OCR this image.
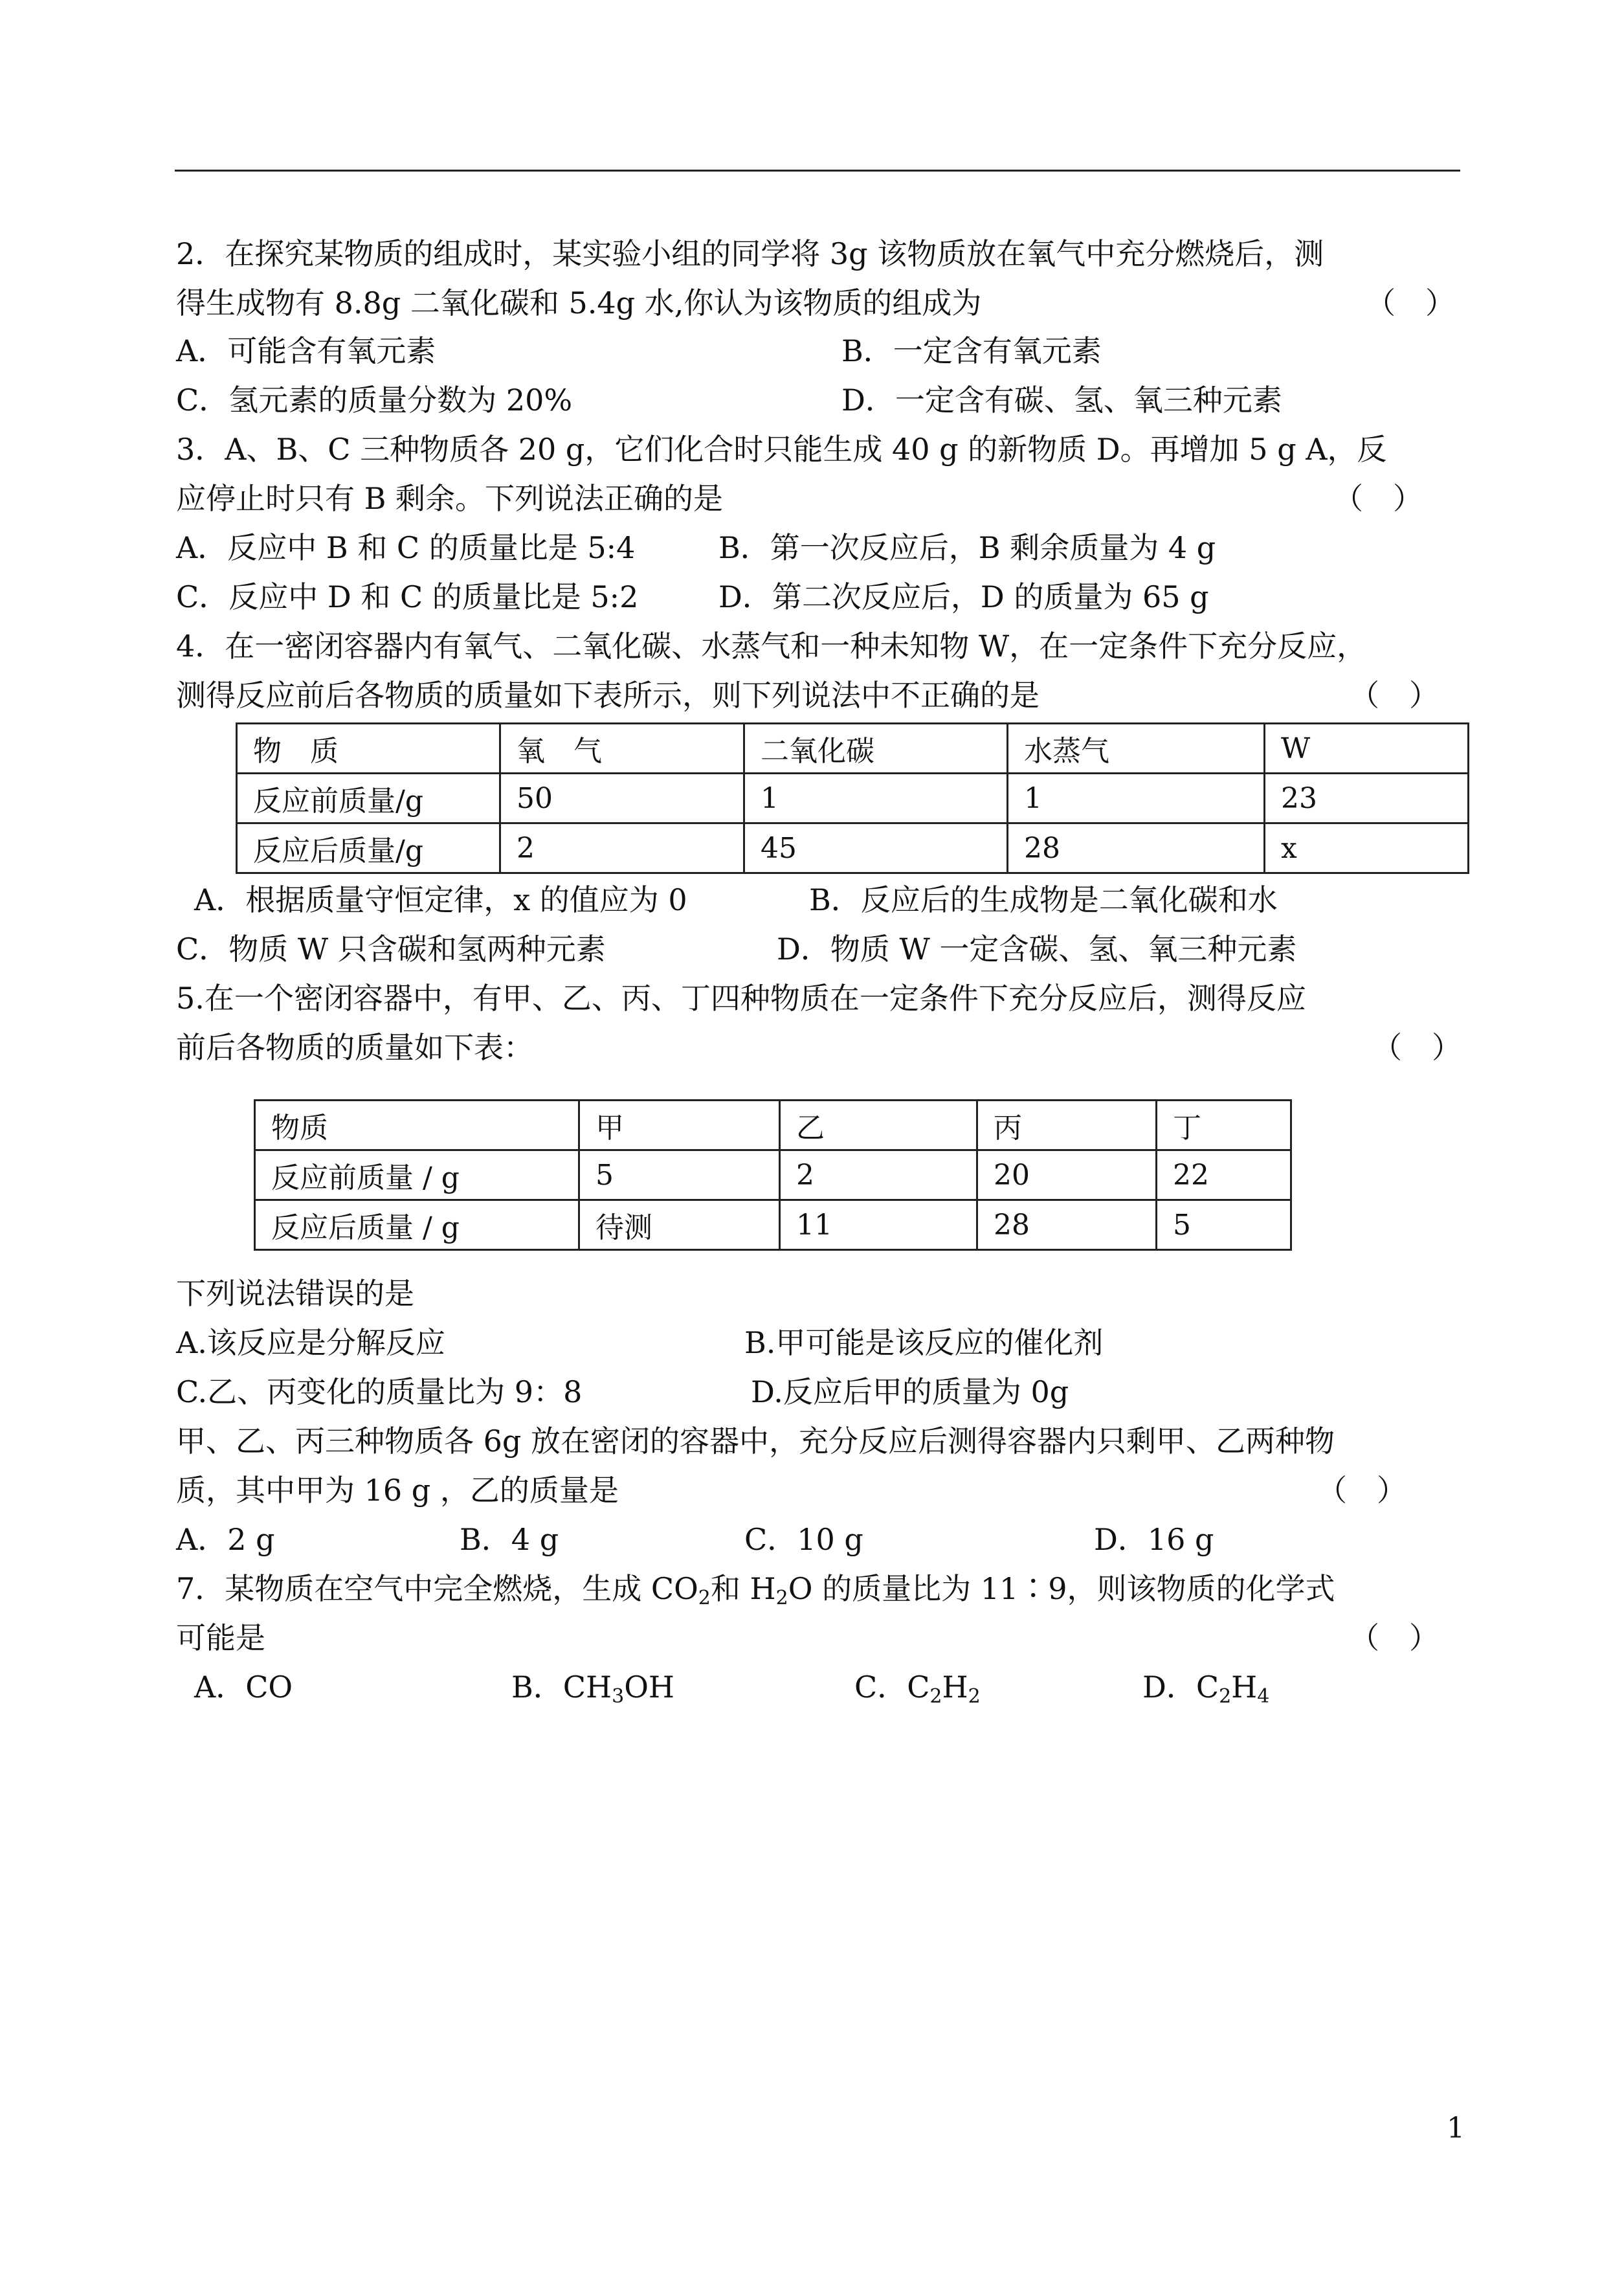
2．在探究某物质的组成时，某实验小组的同学将 3g 该物质放在氧气中充分燃烧后，测
得生成物有 8.8g 二氧化碳和 5.4g 水,你认为该物质的组成为	（　）
A．可能含有氧元素	B．一定含有氧元素
C．氢元素的质量分数为 20%	D．一定含有碳、氢、氧三种元素
3．A、B、C 三种物质各 20 g，它们化合时只能生成 40 g 的新物质 D。再增加 5 g A，反
应停止时只有 B 剩余。下列说法正确的是	（　）
A．反应中 B 和 C 的质量比是 5:4	B．第一次反应后，B 剩余质量为 4 g
C．反应中 D 和 C 的质量比是 5:2	D．第二次反应后，D 的质量为 65 g
4．在一密闭容器内有氧气、二氧化碳、水蒸气和一种未知物 W，在一定条件下充分反应，
测得反应前后各物质的质量如下表所示，则下列说法中不正确的是	（　）
物　质	氧　气	二氧化碳	水蒸气	W
反应前质量/g	50	1	1	23
反应后质量/g	2	45	28	x
A．根据质量守恒定律，x 的值应为 0	B．反应后的生成物是二氧化碳和水
C．物质 W 只含碳和氢两种元素	D．物质 W 一定含碳、氢、氧三种元素
5.在一个密闭容器中，有甲、乙、丙、丁四种物质在一定条件下充分反应后，测得反应
前后各物质的质量如下表：	（　）
物质	甲	乙	丙	丁
反应前质量 / g	5	2	20	22
反应后质量 / g	待测	11	28	5
下列说法错误的是
A.该反应是分解反应	B.甲可能是该反应的催化剂
C.乙、丙变化的质量比为 9：8	D.反应后甲的质量为 0g
甲、乙、丙三种物质各 6g 放在密闭的容器中，充分反应后测得容器内只剩甲、乙两种物
质，其中甲为 16 g ，乙的质量是	（　）
A．2 g	B．4 g	C．10 g	D．16 g
7．某物质在空气中完全燃烧，生成 $CO_2$和 $H_2O$ 的质量比为 11∶9，则该物质的化学式
可能是	（　）
A．CO	B．$CH_3OH$	C．$C_2H_2$	D．$C_2H_4$
1
